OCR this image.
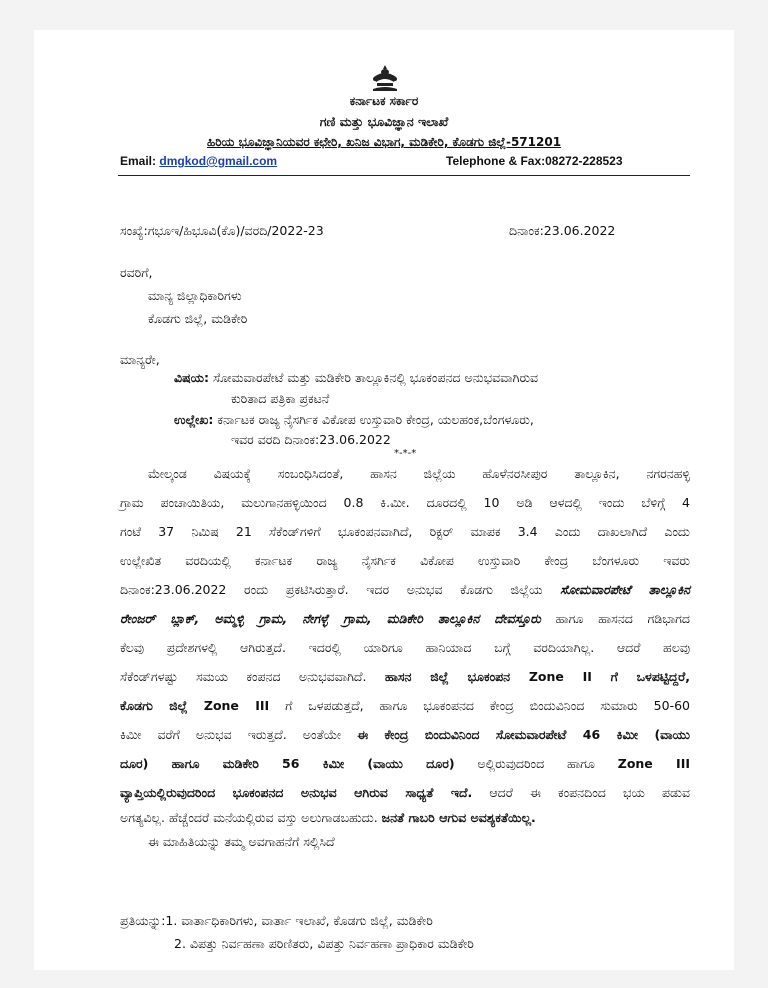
ಕರ್ನಾಟಕ ಸರ್ಕಾರ
ಗಣಿ ಮತ್ತು ಭೂವಿಜ್ಞಾನ ಇಲಾಖೆ
ಹಿರಿಯ ಭೂವಿಜ್ಞಾನಿಯವರ ಕಛೇರಿ, ಖನಿಜ ವಿಭಾಗ, ಮಡಿಕೇರಿ, ಕೊಡಗು ಜಿಲ್ಲೆ-571201
Email: dmgkod@gmail.com	Telephone & Fax:08272-228523
ಸಂಖ್ಯೆ:ಗಭೂಇ/ಹಿಭೂವಿ(ಕೊ)/ವರದಿ/2022-23	ದಿನಾಂಕ:23.06.2022
ರವರಿಗೆ,
ಮಾನ್ಯ ಜಿಲ್ಲಾಧಿಕಾರಿಗಳು
ಕೊಡಗು ಜಿಲ್ಲೆ, ಮಡಿಕೇರಿ
ಮಾನ್ಯರೇ,
ವಿಷಯ: ಸೋಮವಾರಪೇಟೆ ಮತ್ತು ಮಡಿಕೇರಿ ತಾಲ್ಲೂಕಿನಲ್ಲಿ ಭೂಕಂಪನದ ಅನುಭವವಾಗಿರುವ
ಕುರಿತಾದ ಪತ್ರಿಕಾ ಪ್ರಕಟನೆ
ಉಲ್ಲೇಖ: ಕರ್ನಾಟಕ ರಾಜ್ಯ ನೈಸರ್ಗಿಕ ವಿಕೋಪ ಉಸ್ತುವಾರಿ ಕೇಂದ್ರ, ಯಲಹಂಕ,ಬೆಂಗಳೂರು,
ಇವರ ವರದಿ ದಿನಾಂಕ:23.06.2022
*-*-*
ಮೇಲ್ಕಂಡ ವಿಷಯಕ್ಕೆ ಸಂಬಂಧಿಸಿದಂತೆ, ಹಾಸನ ಜಿಲ್ಲೆಯ ಹೊಳೆನರಸೀಪುರ ತಾಲ್ಲೂಕಿನ, ನಗರನಹಳ್ಳಿ
ಗ್ರಾಮ ಪಂಚಾಯಿತಿಯ, ಮಲುಗಾನಹಳ್ಳಿಯಿಂದ 0.8 ಕಿ.ಮೀ. ದೂರದಲ್ಲಿ 10 ಅಡಿ ಆಳದಲ್ಲಿ ಇಂದು ಬೆಳಿಗ್ಗೆ 4
ಗಂಟೆ 37 ನಿಮಿಷ 21 ಸೆಕೆಂಡ್‌ಗಳಿಗೆ ಭೂಕಂಪನವಾಗಿದೆ, ರಿಕ್ಟರ್ ಮಾಪಕ 3.4 ಎಂದು ದಾಖಲಾಗಿದೆ ಎಂದು
ಉಲ್ಲೇಖಿತ ವರದಿಯಲ್ಲಿ ಕರ್ನಾಟಕ ರಾಜ್ಯ ನೈಸರ್ಗಿಕ ವಿಕೋಪ ಉಸ್ತುವಾರಿ ಕೇಂದ್ರ ಬೆಂಗಳೂರು ಇವರು
ದಿನಾಂಕ:23.06.2022 ರಂದು ಪ್ರಕಟಿಸಿರುತ್ತಾರೆ. ಇದರ ಅನುಭವ ಕೊಡಗು ಜಿಲ್ಲೆಯ ಸೋಮವಾರಪೇಟೆ ತಾಲ್ಲೂಕಿನ
ರೇಂಜರ್ ಬ್ಲಾಕ್, ಅಮ್ಮಳ್ಳಿ ಗ್ರಾಮ, ನೇಗಳ್ಳೆ ಗ್ರಾಮ, ಮಡಿಕೇರಿ ತಾಲ್ಲೂಕಿನ ದೇವಸ್ತೂರು ಹಾಗೂ ಹಾಸನದ ಗಡಿಭಾಗದ
ಕೆಲವು ಪ್ರದೇಶಗಳಲ್ಲಿ ಆಗಿರುತ್ತದೆ. ಇದರಲ್ಲಿ ಯಾರಿಗೂ ಹಾನಿಯಾದ ಬಗ್ಗೆ ವರದಿಯಾಗಿಲ್ಲ. ಆದರೆ ಹಲವು
ಸೆಕೆಂಡ್‌ಗಳಷ್ಟು ಸಮಯ ಕಂಪನದ ಅನುಭವವಾಗಿದೆ. ಹಾಸನ ಜಿಲ್ಲೆ ಭೂಕಂಪನ Zone II ಗೆ ಒಳಪಟ್ಟಿದ್ದರೆ,
ಕೊಡಗು ಜಿಲ್ಲೆ Zone III ಗೆ ಒಳಪಡುತ್ತದೆ, ಹಾಗೂ ಭೂಕಂಪನದ ಕೇಂದ್ರ ಬಿಂದುವಿನಿಂದ ಸುಮಾರು 50-60
ಕಿಮೀ ವರೆಗೆ ಅನುಭವ ಇರುತ್ತದೆ. ಅಂತೆಯೇ ಈ ಕೇಂದ್ರ ಬಿಂದುವಿನಿಂದ ಸೋಮವಾರಪೇಟೆ 46 ಕಿಮೀ (ವಾಯು
ದೂರ) ಹಾಗೂ ಮಡಿಕೇರಿ 56 ಕಿಮೀ (ವಾಯು ದೂರ) ಅಲ್ಲಿರುವುದರಿಂದ ಹಾಗೂ Zone III
ವ್ಯಾಪ್ತಿಯಲ್ಲಿರುವುದರಿಂದ ಭೂಕಂಪನದ ಅನುಭವ ಆಗಿರುವ ಸಾಧ್ಯತೆ ಇದೆ. ಆದರೆ ಈ ಕಂಪನದಿಂದ ಭಯ ಪಡುವ
ಅಗತ್ಯವಿಲ್ಲ. ಹೆಚ್ಚೆಂದರೆ ಮನೆಯಲ್ಲಿರುವ ವಸ್ತು ಅಲುಗಾಡಬಹುದು. ಜನತೆ ಗಾಬರಿ ಆಗುವ ಅವಶ್ಯಕತೆಯಿಲ್ಲ.
ಈ ಮಾಹಿತಿಯನ್ನು ತಮ್ಮ ಅವಗಾಹನೆಗೆ ಸಲ್ಲಿಸಿದೆ
ಪ್ರತಿಯನ್ನು:1. ವಾರ್ತಾಧಿಕಾರಿಗಳು, ವಾರ್ತಾ ಇಲಾಖೆ, ಕೊಡಗು ಜಿಲ್ಲೆ, ಮಡಿಕೇರಿ
2. ವಿಪತ್ತು ನಿರ್ವಹಣಾ ಪರಿಣಿತರು, ವಿಪತ್ತು ನಿರ್ವಹಣಾ ಪ್ರಾಧಿಕಾರ ಮಡಿಕೇರಿ
